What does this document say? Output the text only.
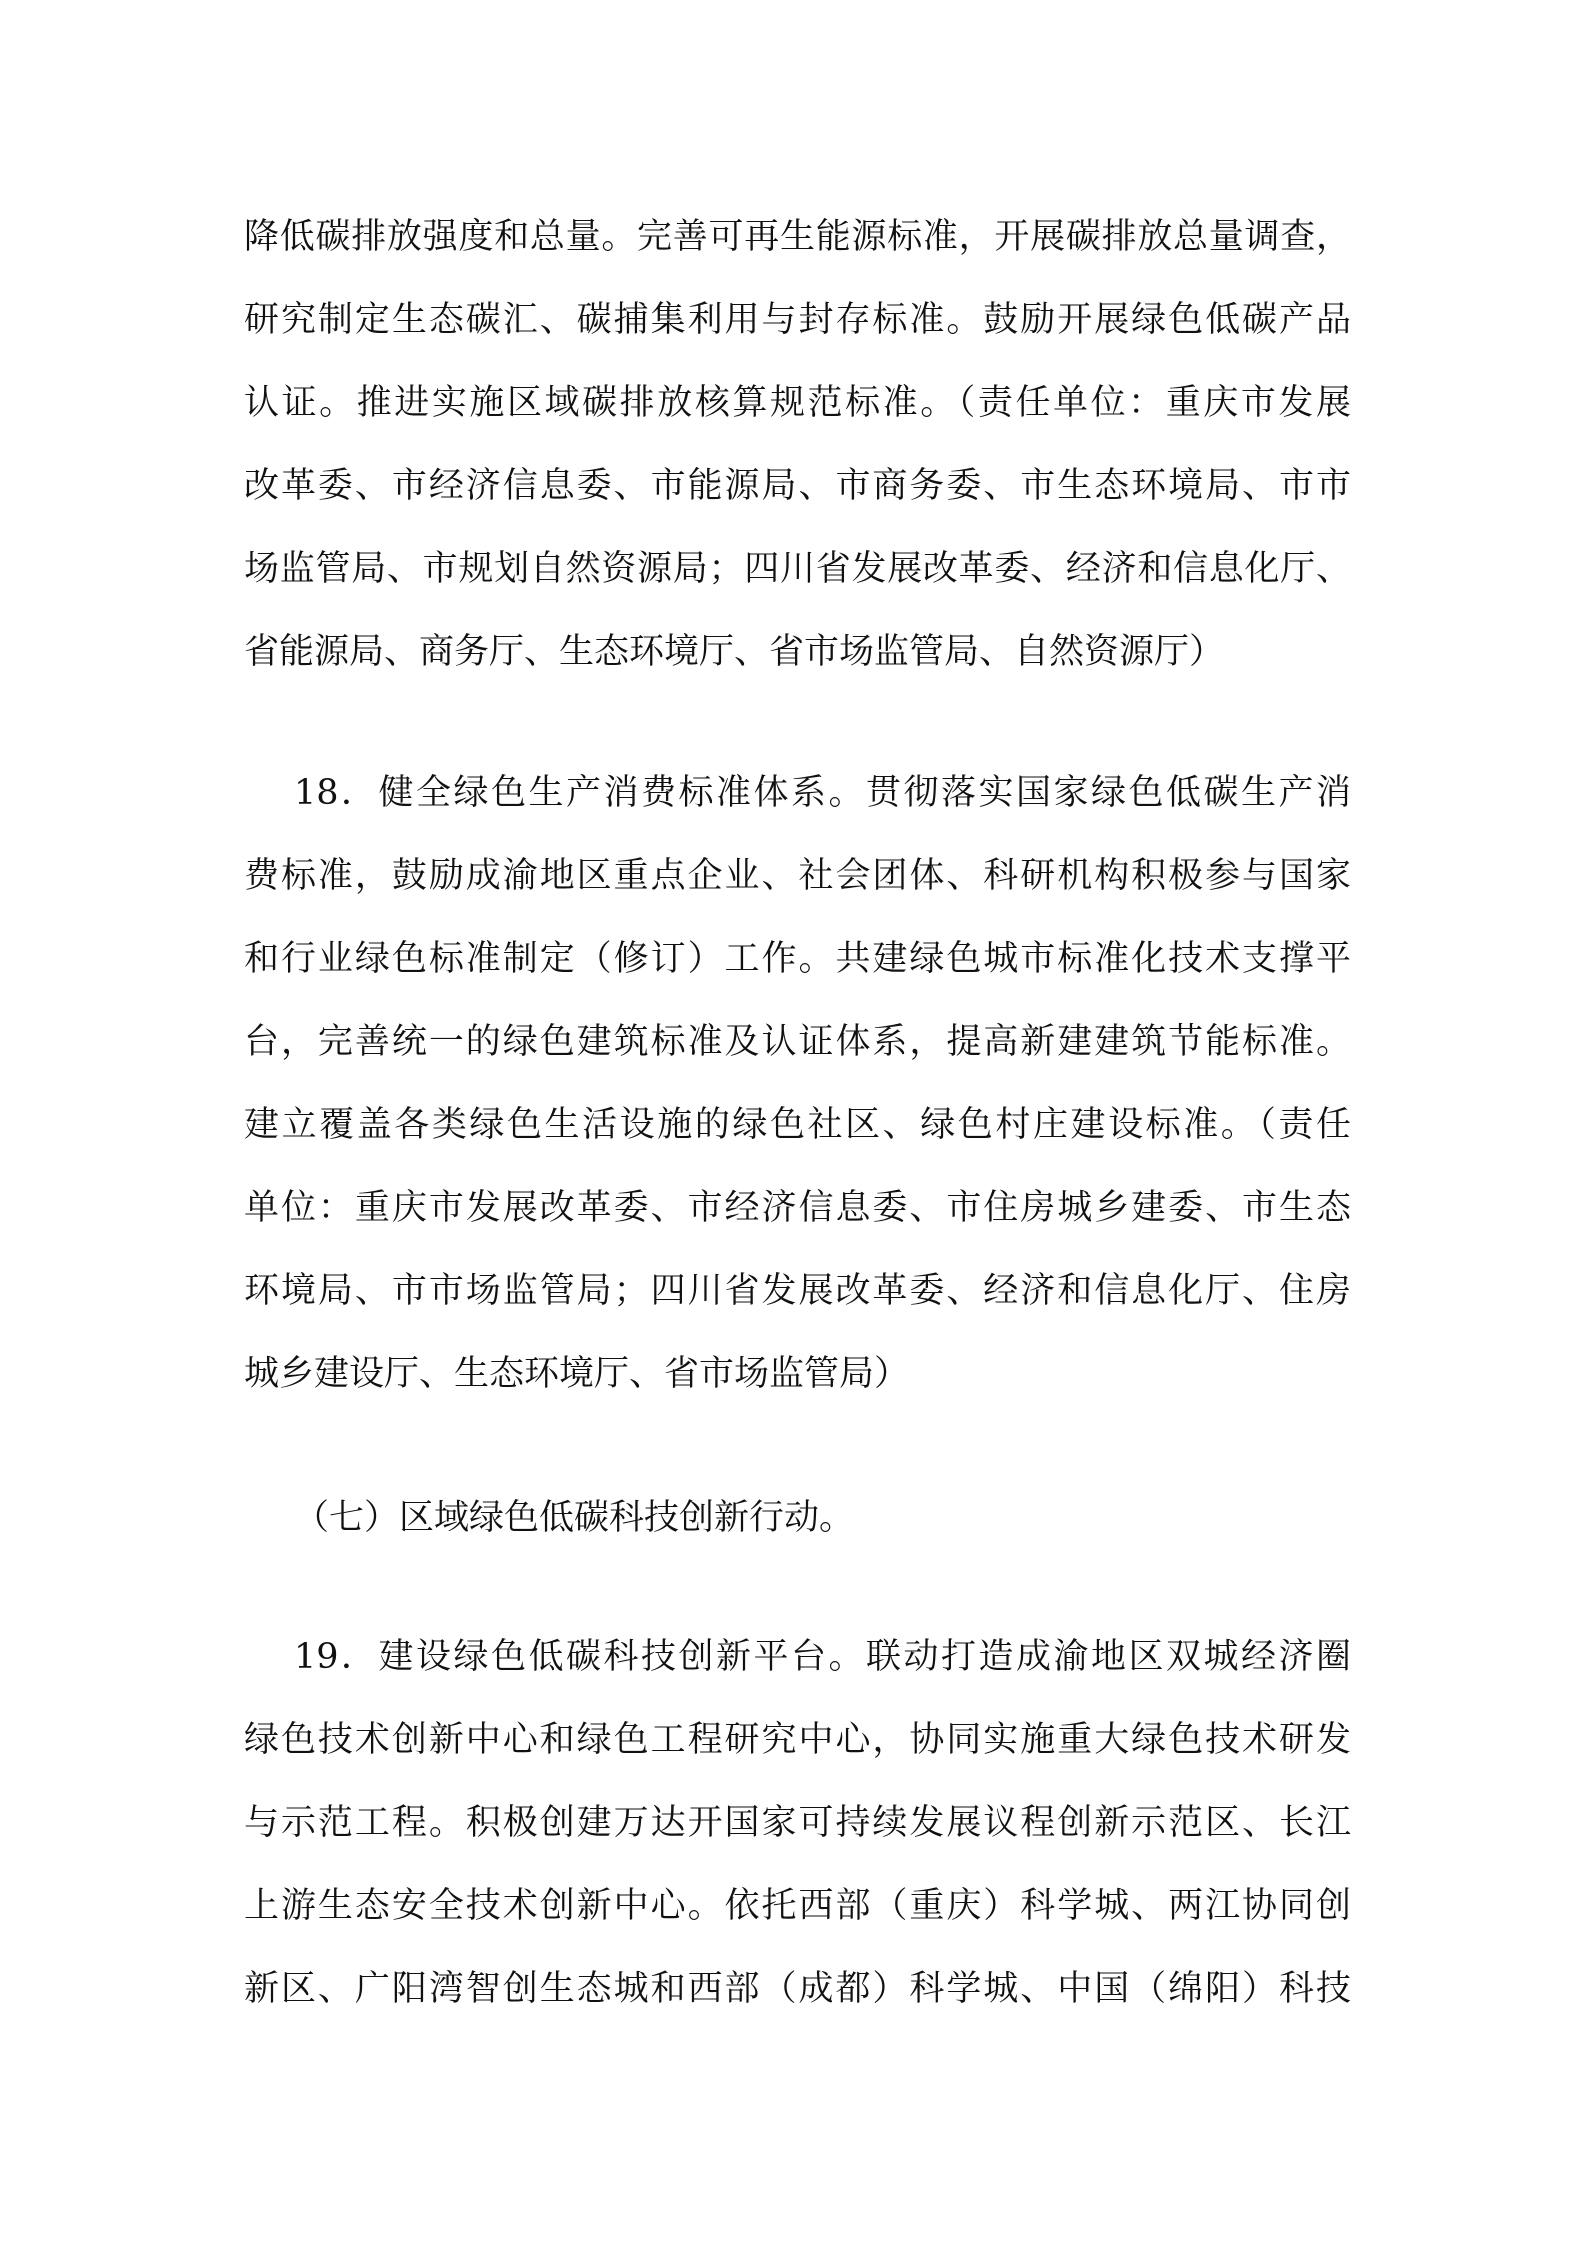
降低碳排放强度和总量。完善可再生能源标准，开展碳排放总量调查，
研究制定生态碳汇、碳捕集利用与封存标准。鼓励开展绿色低碳产品
认证。推进实施区域碳排放核算规范标准。（责任单位：重庆市发展
改革委、市经济信息委、市能源局、市商务委、市生态环境局、市市
场监管局、市规划自然资源局；四川省发展改革委、经济和信息化厅、
省能源局、商务厅、生态环境厅、省市场监管局、自然资源厅）
18．健全绿色生产消费标准体系。贯彻落实国家绿色低碳生产消
费标准，鼓励成渝地区重点企业、社会团体、科研机构积极参与国家
和行业绿色标准制定（修订）工作。共建绿色城市标准化技术支撑平
台，完善统一的绿色建筑标准及认证体系，提高新建建筑节能标准。
建立覆盖各类绿色生活设施的绿色社区、绿色村庄建设标准。（责任
单位：重庆市发展改革委、市经济信息委、市住房城乡建委、市生态
环境局、市市场监管局；四川省发展改革委、经济和信息化厅、住房
城乡建设厅、生态环境厅、省市场监管局）
（七）区域绿色低碳科技创新行动。
19．建设绿色低碳科技创新平台。联动打造成渝地区双城经济圈
绿色技术创新中心和绿色工程研究中心，协同实施重大绿色技术研发
与示范工程。积极创建万达开国家可持续发展议程创新示范区、长江
上游生态安全技术创新中心。依托西部（重庆）科学城、两江协同创
新区、广阳湾智创生态城和西部（成都）科学城、中国（绵阳）科技
